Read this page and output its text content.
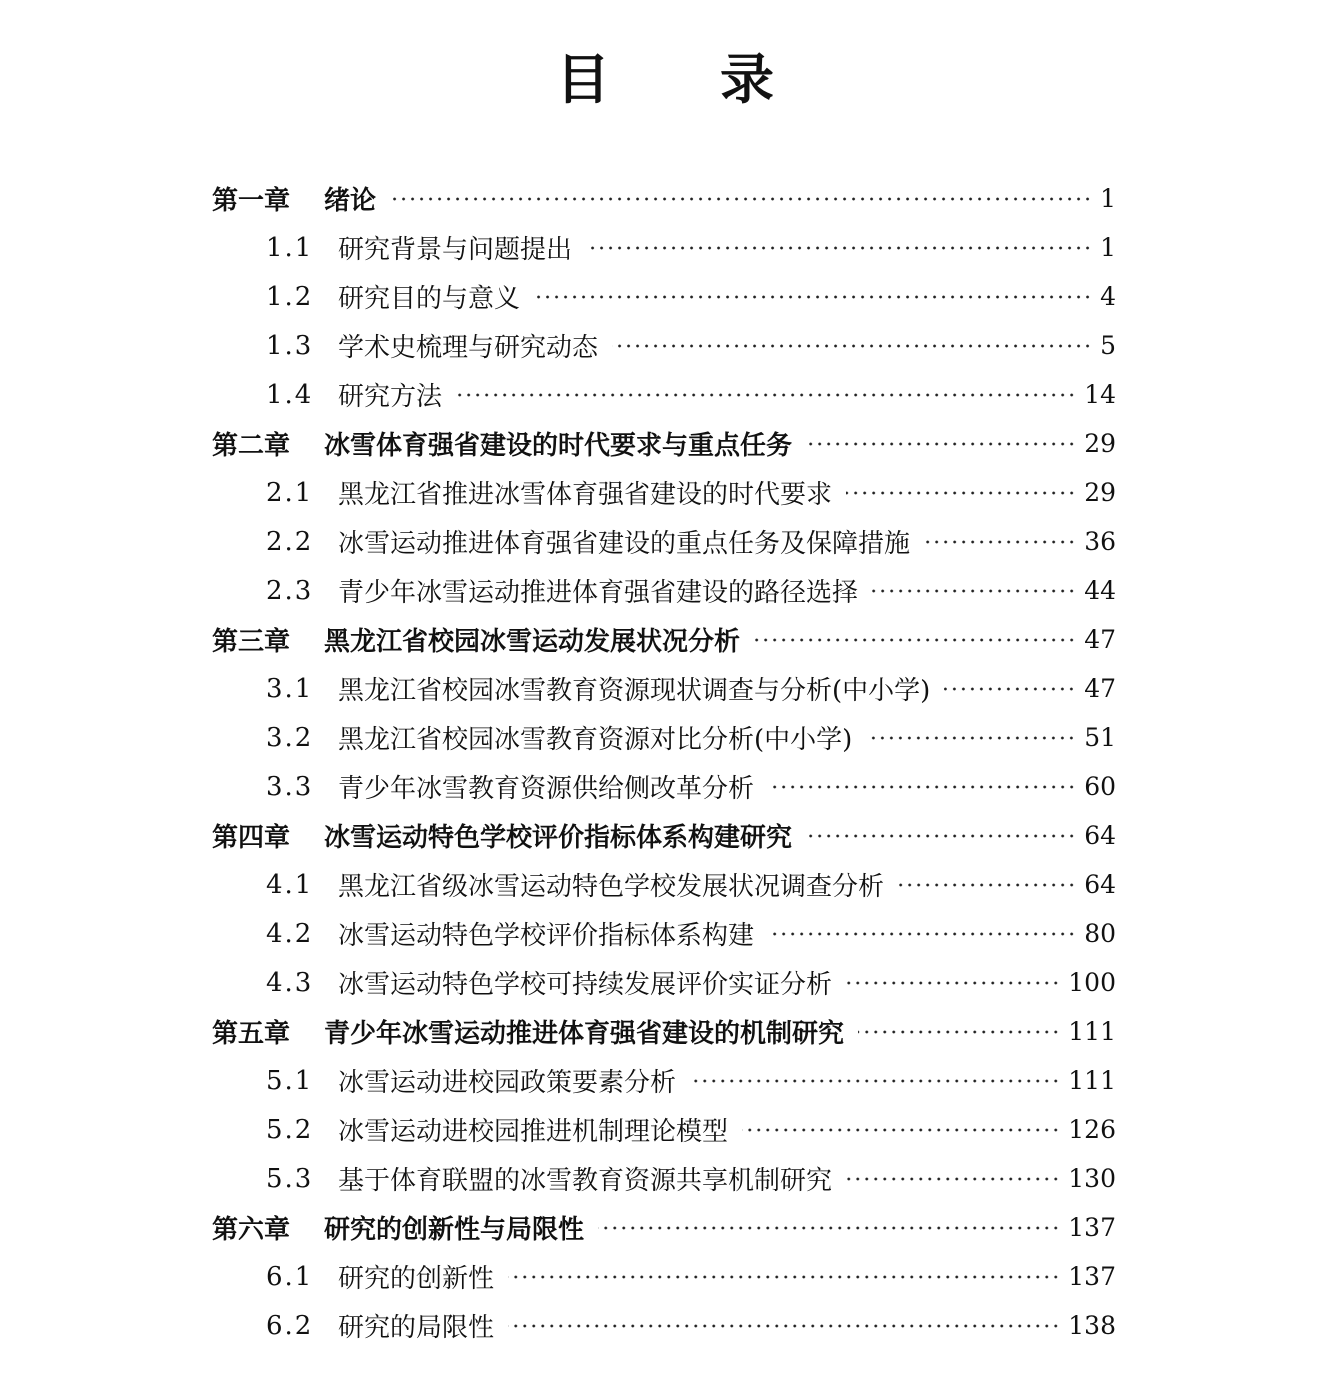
目 录
第一章	绪论	1
1.1 研究背景与问题提出	1
1.2 研究目的与意义	4
1.3 学术史梳理与研究动态	5
1.4 研究方法	14
第二章	冰雪体育强省建设的时代要求与重点任务	29
2.1 黑龙江省推进冰雪体育强省建设的时代要求	29
2.2 冰雪运动推进体育强省建设的重点任务及保障措施	36
2.3 青少年冰雪运动推进体育强省建设的路径选择	44
第三章	黑龙江省校园冰雪运动发展状况分析	47
3.1 黑龙江省校园冰雪教育资源现状调查与分析(中小学)	47
3.2 黑龙江省校园冰雪教育资源对比分析(中小学)	51
3.3 青少年冰雪教育资源供给侧改革分析	60
第四章	冰雪运动特色学校评价指标体系构建研究	64
4.1 黑龙江省级冰雪运动特色学校发展状况调查分析	64
4.2 冰雪运动特色学校评价指标体系构建	80
4.3 冰雪运动特色学校可持续发展评价实证分析	100
第五章	青少年冰雪运动推进体育强省建设的机制研究	111
5.1 冰雪运动进校园政策要素分析	111
5.2 冰雪运动进校园推进机制理论模型	126
5.3 基于体育联盟的冰雪教育资源共享机制研究	130
第六章	研究的创新性与局限性	137
6.1 研究的创新性	137
6.2 研究的局限性	138
